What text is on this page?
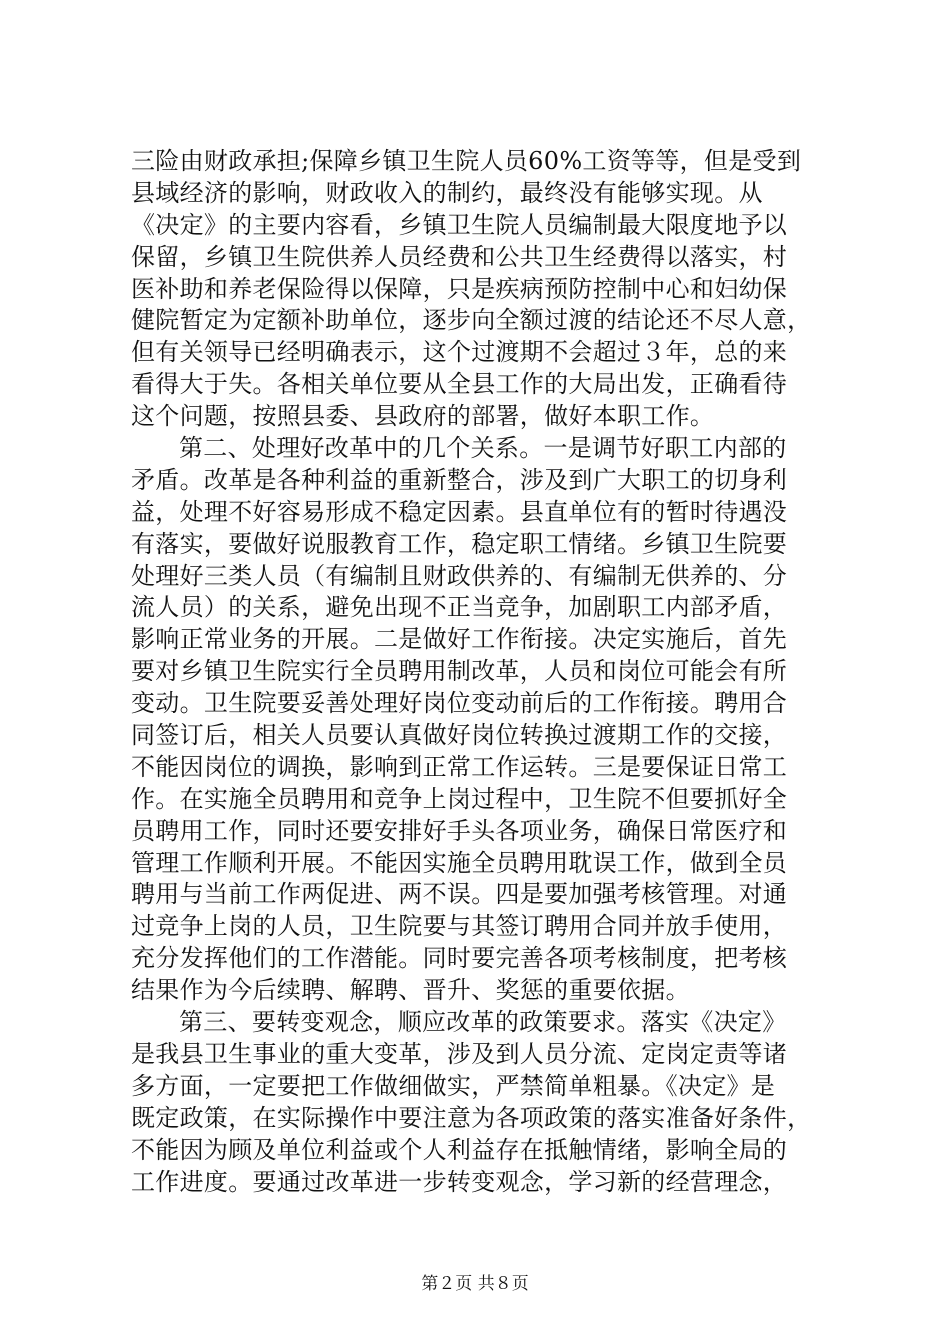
三险由财政承担;保障乡镇卫生院人员60%工资等等，但是受到
县域经济的影响，财政收入的制约，最终没有能够实现。从
《决定》的主要内容看，乡镇卫生院人员编制最大限度地予以
保留，乡镇卫生院供养人员经费和公共卫生经费得以落实，村
医补助和养老保险得以保障，只是疾病预防控制中心和妇幼保
健院暂定为定额补助单位，逐步向全额过渡的结论还不尽人意，
但有关领导已经明确表示，这个过渡期不会超过３年，总的来
看得大于失。各相关单位要从全县工作的大局出发，正确看待
这个问题，按照县委、县政府的部署，做好本职工作。
第二、处理好改革中的几个关系。一是调节好职工内部的
矛盾。改革是各种利益的重新整合，涉及到广大职工的切身利
益，处理不好容易形成不稳定因素。县直单位有的暂时待遇没
有落实，要做好说服教育工作，稳定职工情绪。乡镇卫生院要
处理好三类人员（有编制且财政供养的、有编制无供养的、分
流人员）的关系，避免出现不正当竞争，加剧职工内部矛盾，
影响正常业务的开展。二是做好工作衔接。决定实施后，首先
要对乡镇卫生院实行全员聘用制改革，人员和岗位可能会有所
变动。卫生院要妥善处理好岗位变动前后的工作衔接。聘用合
同签订后，相关人员要认真做好岗位转换过渡期工作的交接，
不能因岗位的调换，影响到正常工作运转。三是要保证日常工
作。在实施全员聘用和竞争上岗过程中，卫生院不但要抓好全
员聘用工作，同时还要安排好手头各项业务，确保日常医疗和
管理工作顺利开展。不能因实施全员聘用耽误工作，做到全员
聘用与当前工作两促进、两不误。四是要加强考核管理。对通
过竞争上岗的人员，卫生院要与其签订聘用合同并放手使用，
充分发挥他们的工作潜能。同时要完善各项考核制度，把考核
结果作为今后续聘、解聘、晋升、奖惩的重要依据。
第三、要转变观念，顺应改革的政策要求。落实《决定》
是我县卫生事业的重大变革，涉及到人员分流、定岗定责等诸
多方面，一定要把工作做细做实，严禁简单粗暴。《决定》是
既定政策，在实际操作中要注意为各项政策的落实准备好条件，
不能因为顾及单位利益或个人利益存在抵触情绪，影响全局的
工作进度。要通过改革进一步转变观念，学习新的经营理念，
第２页 共８页
